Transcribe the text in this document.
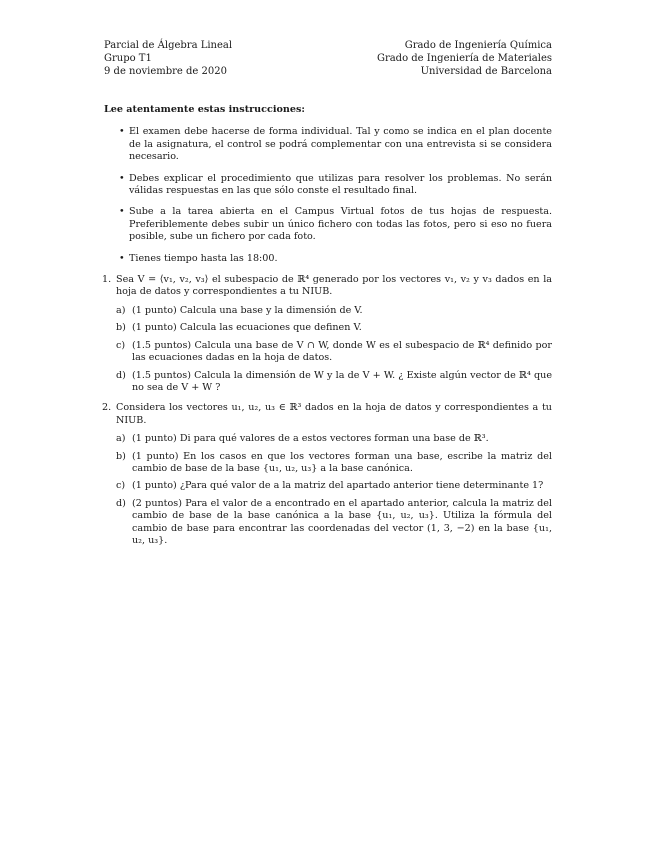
Parcial de Álgebra Lineal
Grupo T1
9 de noviembre de 2020
Grado de Ingeniería Química
Grado de Ingeniería de Materiales
Universidad de Barcelona
Lee atentamente estas instrucciones:
• El examen debe hacerse de forma individual. Tal y como se indica en el plan docente de la asignatura, el control se podrá complementar con una entrevista si se considera necesario.
• Debes explicar el procedimiento que utilizas para resolver los problemas. No serán válidas respuestas en las que sólo conste el resultado final.
• Sube a la tarea abierta en el Campus Virtual fotos de tus hojas de respuesta. Preferiblemente debes subir un único fichero con todas las fotos, pero si eso no fuera posible, sube un fichero por cada foto.
• Tienes tiempo hasta las 18:00.
1. Sea V = ⟨v₁, v₂, v₃⟩ el subespacio de ℝ⁴ generado por los vectores v₁, v₂ y v₃ dados en la hoja de datos y correspondientes a tu NIUB.
a) (1 punto) Calcula una base y la dimensión de V.
b) (1 punto) Calcula las ecuaciones que definen V.
c) (1.5 puntos) Calcula una base de V ∩ W, donde W es el subespacio de ℝ⁴ definido por las ecuaciones dadas en la hoja de datos.
d) (1.5 puntos) Calcula la dimensión de W y la de V + W. ¿ Existe algún vector de ℝ⁴ que no sea de V + W ?
2. Considera los vectores u₁, u₂, u₃ ∈ ℝ³ dados en la hoja de datos y correspondientes a tu NIUB.
a) (1 punto) Di para qué valores de a estos vectores forman una base de ℝ³.
b) (1 punto) En los casos en que los vectores forman una base, escribe la matriz del cambio de base de la base {u₁, u₂, u₃} a la base canónica.
c) (1 punto) ¿Para qué valor de a la matriz del apartado anterior tiene determinante 1?
d) (2 puntos) Para el valor de a encontrado en el apartado anterior, calcula la matriz del cambio de base de la base canónica a la base {u₁, u₂, u₃}. Utiliza la fórmula del cambio de base para encontrar las coordenadas del vector (1, 3, −2) en la base {u₁, u₂, u₃}.
